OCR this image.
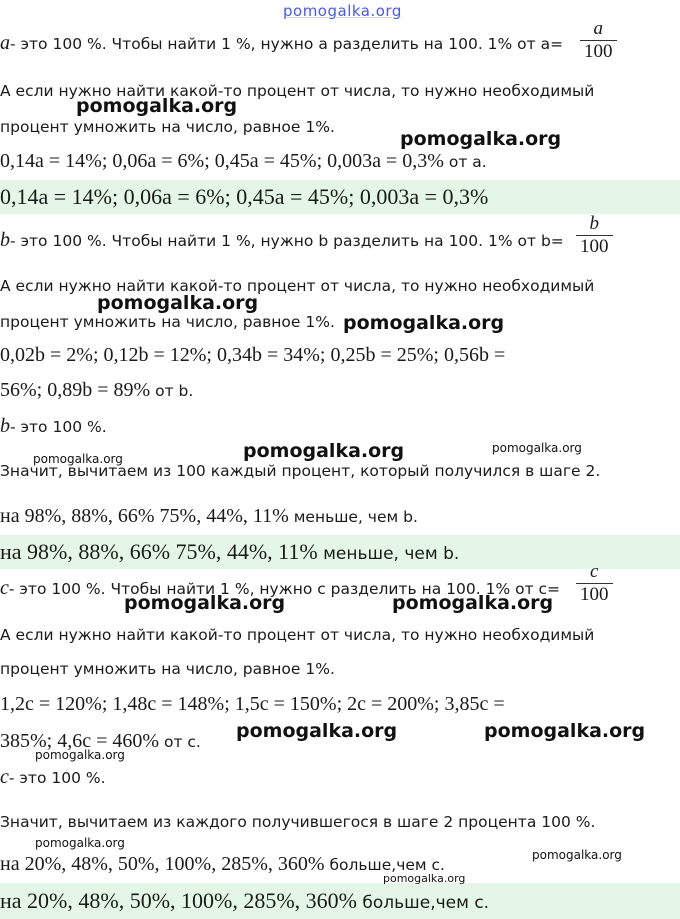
pomogalka.org
a- это 100 %. Чтобы найти 1 %, нужно a разделить на 100. 1% от $a= \frac{a}{100}$
А если нужно найти какой-то процент от числа, то нужно необходимый
процент умножить на число, равное 1%.
0,14a = 14%; 0,06a = 6%; 0,45a = 45%; 0,003a = 0,3% от a.
0,14a = 14%; 0,06a = 6%; 0,45a = 45%; 0,003a = 0,3%
b- это 100 %. Чтобы найти 1 %, нужно b разделить на 100. 1% от $b= \frac{b}{100}$
А если нужно найти какой-то процент от числа, то нужно необходимый
процент умножить на число, равное 1%.
0,02b = 2%; 0,12b = 12%; 0,34b = 34%; 0,25b = 25%; 0,56b =
56%; 0,89b = 89% от b.
b- это 100 %.
Значит, вычитаем из 100 каждый процент, который получился в шаге 2.
на 98%, 88%, 66% 75%, 44%, 11% меньше, чем b.
на 98%, 88%, 66% 75%, 44%, 11% меньше, чем b.
c- это 100 %. Чтобы найти 1 %, нужно c разделить на 100. 1% от $c= \frac{c}{100}$
А если нужно найти какой-то процент от числа, то нужно необходимый
процент умножить на число, равное 1%.
1,2c = 120%; 1,48c = 148%; 1,5c = 150%; 2c = 200%; 3,85c =
385%; 4,6c = 460% от c.
c- это 100 %.
Значит, вычитаем из каждого получившегося в шаге 2 процента 100 %.
на 20%, 48%, 50%, 100%, 285%, 360% больше,чем c.
на 20%, 48%, 50%, 100%, 285%, 360% больше,чем c.
pomogalka.org
pomogalka.org
pomogalka.org
pomogalka.org
pomogalka.org	pomogalka.org	pomogalka.org
pomogalka.org	pomogalka.org
pomogalka.org	pomogalka.org
pomogalka.org
pomogalka.org
pomogalka.org
pomogalka.org
